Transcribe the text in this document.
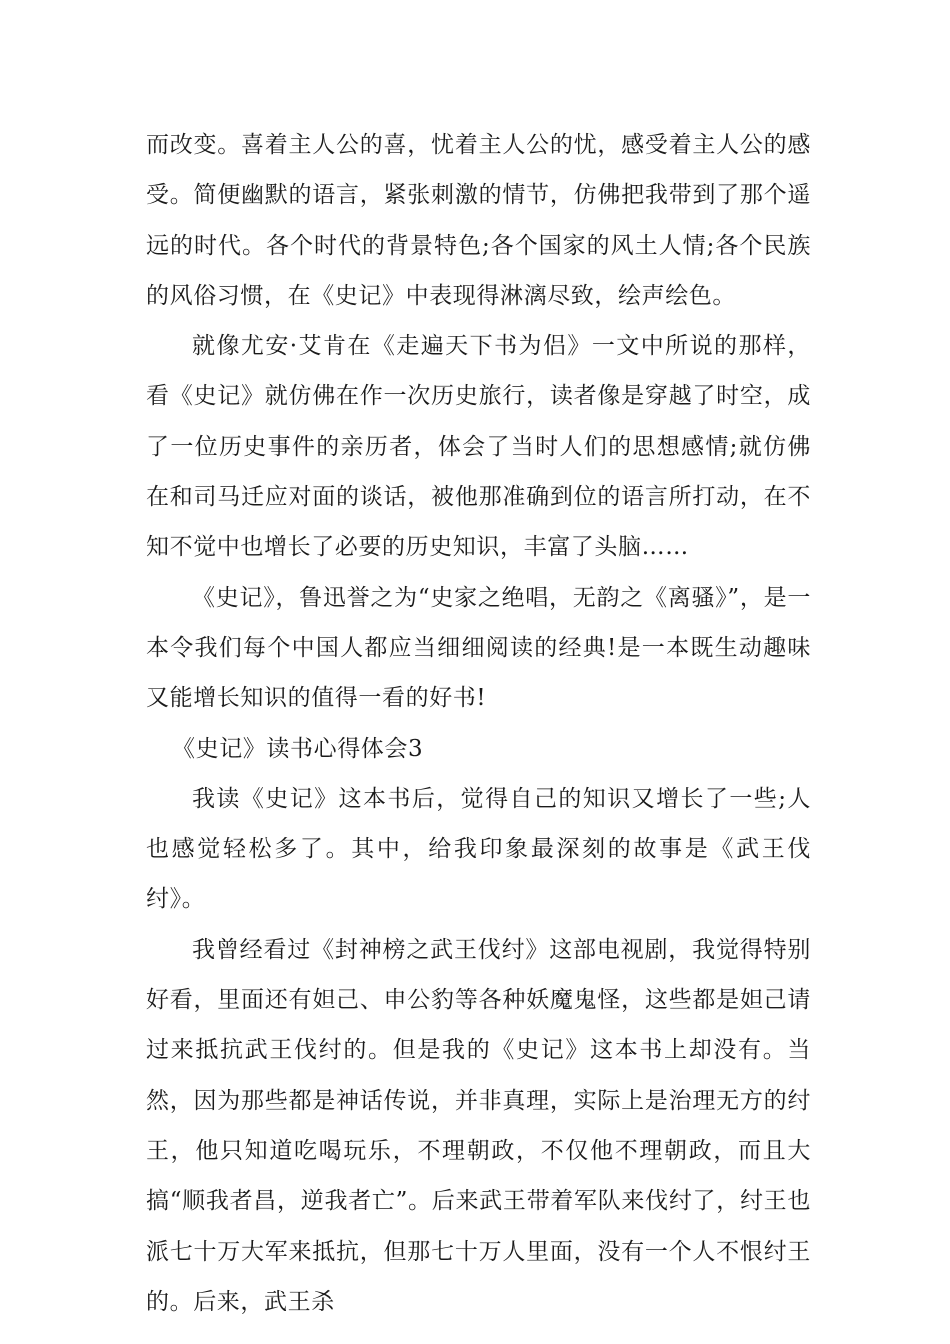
而改变。喜着主人公的喜，忧着主人公的忧，感受着主人公的感受。简便幽默的语言，紧张刺激的情节，仿佛把我带到了那个遥远的时代。各个时代的背景特色;各个国家的风土人情;各个民族的风俗习惯，在《史记》中表现得淋漓尽致，绘声绘色。

就像尤安·艾肯在《走遍天下书为侣》一文中所说的那样，看《史记》就仿佛在作一次历史旅行，读者像是穿越了时空，成了一位历史事件的亲历者，体会了当时人们的思想感情;就仿佛在和司马迁应对面的谈话，被他那准确到位的语言所打动，在不知不觉中也增长了必要的历史知识，丰富了头脑……

《史记》，鲁迅誉之为“史家之绝唱，无韵之《离骚》”，是一本令我们每个中国人都应当细细阅读的经典!是一本既生动趣味又能增长知识的值得一看的好书!

《史记》读书心得体会3

我读《史记》这本书后，觉得自己的知识又增长了一些;人也感觉轻松多了。其中，给我印象最深刻的故事是《武王伐纣》。

我曾经看过《封神榜之武王伐纣》这部电视剧，我觉得特别好看，里面还有妲己、申公豹等各种妖魔鬼怪，这些都是妲己请过来抵抗武王伐纣的。但是我的《史记》这本书上却没有。当然，因为那些都是神话传说，并非真理，实际上是治理无方的纣王，他只知道吃喝玩乐，不理朝政，不仅他不理朝政，而且大搞“顺我者昌，逆我者亡”。后来武王带着军队来伐纣了，纣王也派七十万大军来抵抗，但那七十万人里面，没有一个人不恨纣王的。后来，武王杀
